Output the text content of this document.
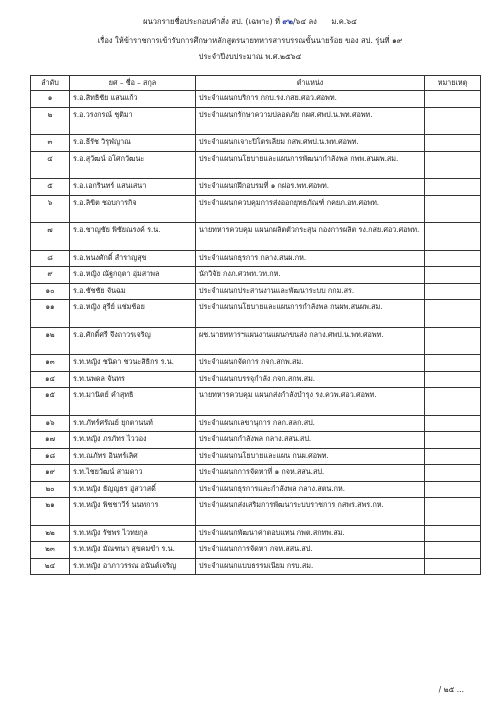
ผนวกรายชื่อประกอบคำสั่ง สป. (เฉพาะ) ที่ ๙๒/๖๔ ลง ม.ค.๖๔
เรื่อง ให้ข้าราชการเข้ารับการศึกษาหลักสูตรนายทหารสารบรรณขั้นนายร้อย ของ สป. รุ่นที่ ๑๙
ประจำปีงบประมาณ พ.ศ.๒๕๖๔
ลำดับ	ยศ – ชื่อ – สกุล	ตำแหน่ง	หมายเหตุ
๑	ร.อ.สิทธิชัย แสนแก้ว	ประจำแผนกบริการ กกบ.รง.กสย.ศอว.ศอพท.	
๒	ร.อ.วรงกรณ์ ชุติมา	ประจำแผนกรักษาความปลอดภัย กผศ.ศพป.น.พท.ศอพท.	
๓	ร.อ.ธีรัช วิรุฬญาณ	ประจำแผนกเจาะปิโตรเลียม กสพ.ศพป.น.พท.ศอพท.	
๔	ร.อ.สุวัฒน์ อโศกวัฒนะ	ประจำแผนกนโยบายและแผนการพัฒนากำลังพล กพพ.สนผพ.สม.	
๕	ร.อ.เอกรินทร์ แสนเสนา	ประจำแผนกฝึกอบรมที่ ๑ กฝอร.พท.ศอพท.	
๖	ร.อ.ลิขิต ชอบการกิจ	ประจำแผนกควบคุมการส่งออกยุทธภัณฑ์ กคยภ.อท.ศอพท.	
๗	ร.อ.ชาญชัย พิชัยณรงค์ ร.น.	นายทหารควบคุม แผนกผลิตตัวกระสุน กองการผลิต รง.กสย.ศอว.ศอพท.	
๘	ร.อ.พนงศักดิ์ สำราญสุข	ประจำแผนกธุรการ กลาง.สนผ.กห.	
๙	ร.อ.หญิง ณัฐกฤตา อุ่มสาพล	นักวิจัย กงภ.ศวพท.วท.กห.	
๑๐	ร.อ.ชัชชัย จันฉม	ประจำแผนกประสานงานและพัฒนาระบบ กกม.สร.	
๑๑	ร.อ.หญิง สุรีย์ แช่มช้อย	ประจำแผนกนโยบายและแผนการกำลังพล กนผพ.สนผพ.สม.	
๑๒	ร.อ.ศักดิ์ศรี จึงถาวรเจริญ	ผช.นายทหารฯแผนงานแผนกขนส่ง กลาง.ศพป.น.พท.ศอพท.	
๑๓	ร.ท.หญิง ชนิดา ชวนะสิธิกร ร.น.	ประจำแผนกจัดการ กจก.สกพ.สม.	
๑๔	ร.ท.นพดล จันทร	ประจำแผนกบรรจุกำลัง กจก.สกพ.สม.	
๑๕	ร.ท.มานิตย์ คำสุทธิ	นายทหารควบคุม แผนกส่งกำลังบำรุง รง.ควพ.ศอว.ศอพท.	
๑๖	ร.ท.ภัทร์ศรัณย์ ยุกตานนท์	ประจำแผนกเลขานุการ กลก.สลก.สป.	
๑๗	ร.ท.หญิง ภรภัทร ไววอง	ประจำแผนกกำลังพล กลาง.สสน.สป.	
๑๘	ร.ท.ณภัทร อินทร์เลิศ	ประจำแผนกนโยบายและแผน กนผ.ศอพท.	
๑๙	ร.ท.ไชยวัฒน์ สามดาว	ประจำแผนกการจัดหาที่ ๑ กจห.สสน.สป.	
๒๐	ร.ท.หญิง ธัญญธร อู่สวาสดิ์	ประจำแผนกธุรการและกำลังพล กลาง.สตน.กห.	
๒๑	ร.ท.หญิง พิชชาวีร์ นนทการ	ประจำแผนกส่งเสริมการพัฒนาระบบราชการ กสพร.สพร.กห.	
๒๒	ร.ท.หญิง รัชพร ไวทยกุล	ประจำแผนกพัฒนาค่าตอบแทน กพต.สกทพ.สม.	
๒๓	ร.ท.หญิง มัณฑนา สุขคมขำ ร.น.	ประจำแผนกการจัดหา กจห.สสน.สป.	
๒๔	ร.ท.หญิง อาภาวรรณ อนันต์เจริญ	ประจำแผนกแบบธรรมเนียม กรบ.สม.	
/ ๒๕ ...
